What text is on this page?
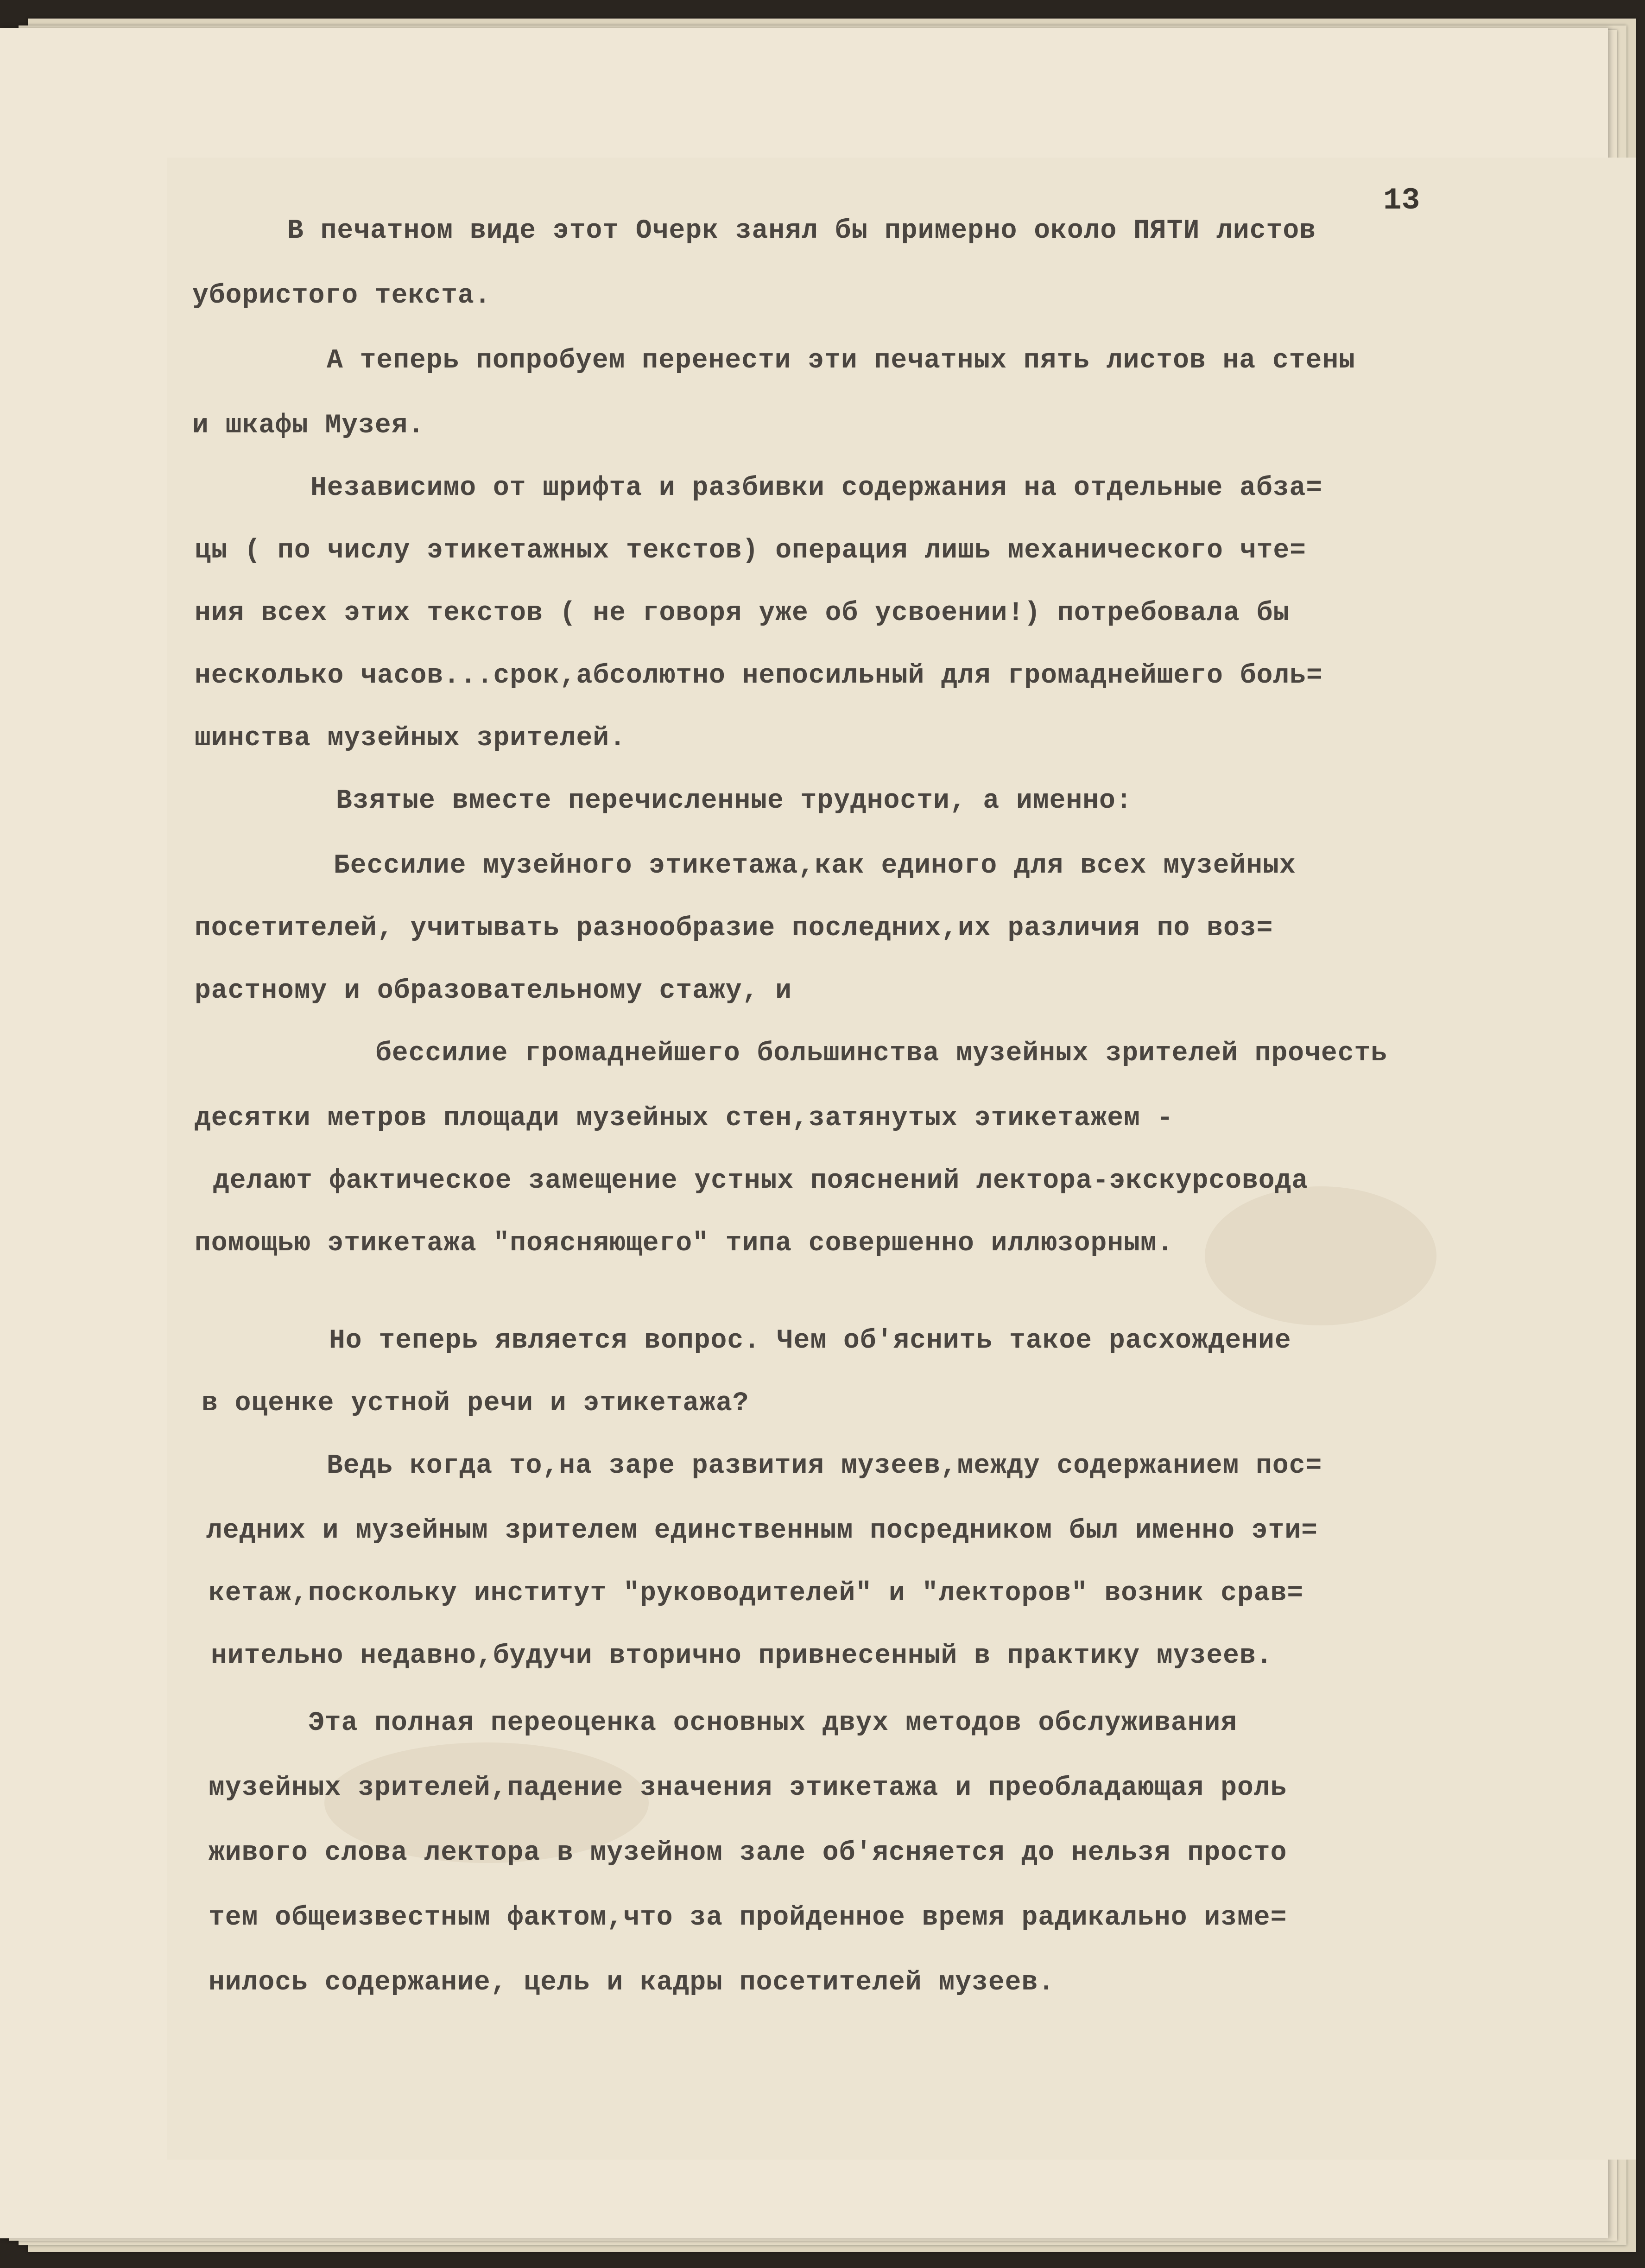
13

В печатном виде этот Очерк занял бы примерно около ПЯТИ листов

убористого текста.

А теперь попробуем перенести эти печатных пять листов на стены

и шкафы Музея.

Независимо от шрифта и разбивки содержания на отдельные абза=

цы ( по числу этикетажных текстов) операция лишь механического чте=

ния всех этих текстов ( не говоря уже об усвоении!) потребовала бы

несколько часов...срок,абсолютно непосильный для громаднейшего боль=

шинства музейных зрителей.

Взятые вместе перечисленные трудности, а именно:

Бессилие музейного этикетажа,как единого для всех музейных

посетителей, учитывать разнообразие последних,их различия по воз=

растному и образовательному стажу, и

бессилие громаднейшего большинства музейных зрителей прочесть

десятки метров площади музейных стен,затянутых этикетажем -

делают фактическое замещение устных пояснений лектора-экскурсовода

помощью этикетажа "поясняющего" типа совершенно иллюзорным.

Но теперь является вопрос. Чем об'яснить такое расхождение

в оценке устной речи и этикетажа?

Ведь когда то,на заре развития музеев,между содержанием пос=

ледних и музейным зрителем единственным посредником был именно эти=

кетаж,поскольку институт "руководителей" и "лекторов" возник срав=

нительно недавно,будучи вторично привнесенный в практику музеев.

Эта полная переоценка основных двух методов обслуживания

музейных зрителей,падение значения этикетажа и преобладающая роль

живого слова лектора в музейном зале об'ясняется до нельзя просто

тем общеизвестным фактом,что за пройденное время радикально изме=

нилось содержание, цель и кадры посетителей музеев.
